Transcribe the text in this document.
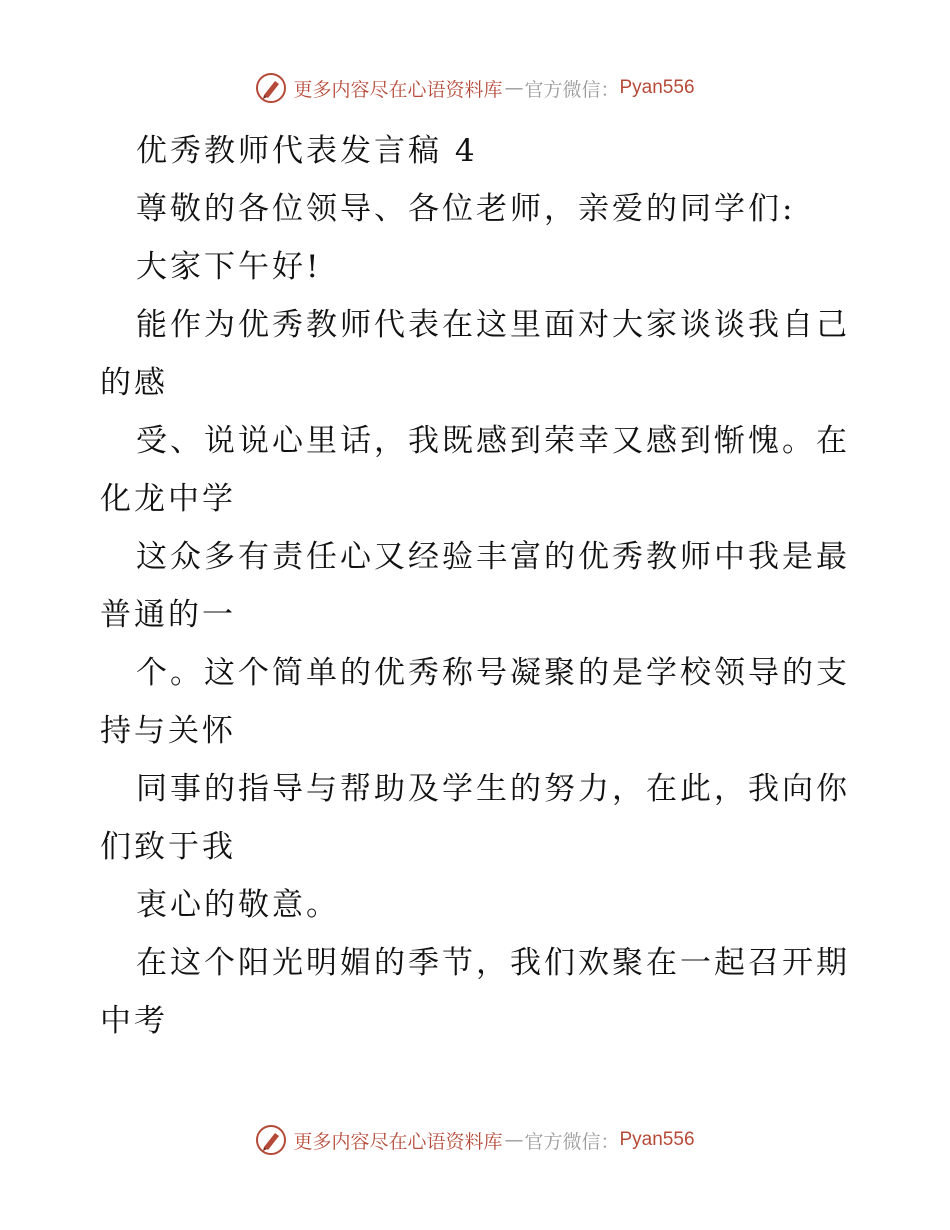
更多内容尽在心语资料库 — 官方微信： Pyan556
优秀教师代表发言稿 4
尊敬的各位领导、各位老师，亲爱的同学们:
大家下午好!
能作为优秀教师代表在这里面对大家谈谈我自己
的感
受、说说心里话，我既感到荣幸又感到惭愧。在
化龙中学
这众多有责任心又经验丰富的优秀教师中我是最
普通的一
个。这个简单的优秀称号凝聚的是学校领导的支
持与关怀
同事的指导与帮助及学生的努力，在此，我向你
们致于我
衷心的敬意。
在这个阳光明媚的季节，我们欢聚在一起召开期
中考
更多内容尽在心语资料库 — 官方微信： Pyan556
